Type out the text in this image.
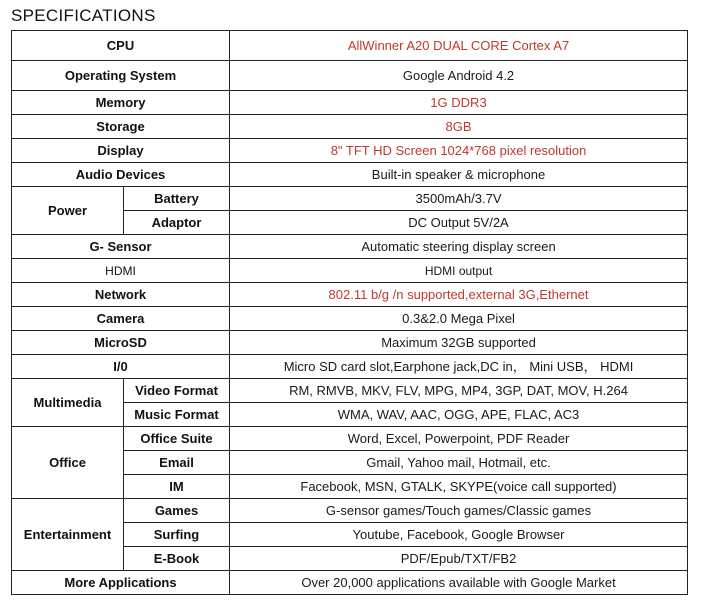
SPECIFICATIONS
CPU		AllWinner A20 DUAL CORE Cortex A7
Operating System		Google Android 4.2
Memory		1G DDR3
Storage		8GB
Display		8" TFT HD Screen 1024*768 pixel resolution
Audio Devices		Built-in speaker & microphone
Power	Battery	3500mAh/3.7V
	Adaptor	DC Output 5V/2A
G- Sensor		Automatic steering display screen
HDMI		HDMI output
Network		802.11 b/g /n supported,external 3G,Ethernet
Camera		0.3&2.0 Mega Pixel
MicroSD		Maximum 32GB supported
I/0		Micro SD card slot,Earphone jack,DC in， Mini USB， HDMI
Multimedia	Video Format	RM, RMVB, MKV, FLV, MPG, MP4, 3GP, DAT, MOV, H.264
	Music Format	WMA, WAV, AAC, OGG, APE, FLAC, AC3
Office	Office Suite	Word, Excel, Powerpoint, PDF Reader
	Email	Gmail, Yahoo mail, Hotmail, etc.
	IM	Facebook, MSN, GTALK, SKYPE(voice call supported)
Entertainment	Games	G-sensor games/Touch games/Classic games
	Surfing	Youtube, Facebook, Google Browser
	E-Book	PDF/Epub/TXT/FB2
More Applications		Over 20,000 applications available with Google Market
